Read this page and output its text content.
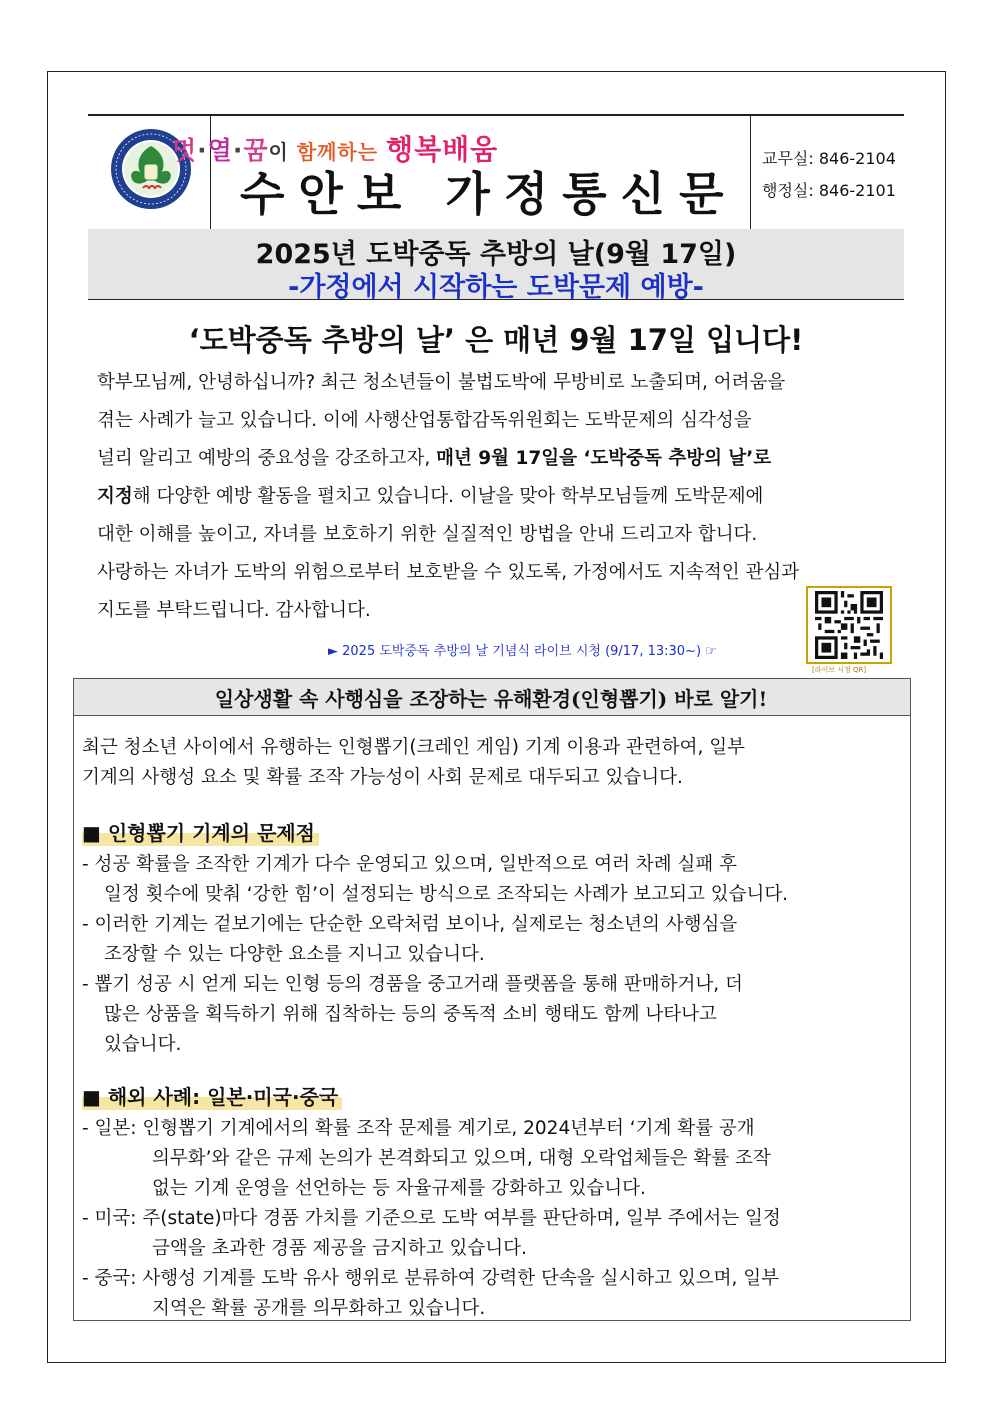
멋·열·꿈이 함께하는 행복배움
수안보 가정통신문
교무실: 846-2104
행정실: 846-2101
2025년 도박중독 추방의 날(9월 17일)
-가정에서 시작하는 도박문제 예방-
‘도박중독 추방의 날’ 은 매년 9월 17일 입니다!
학부모님께, 안녕하십니까? 최근 청소년들이 불법도박에 무방비로 노출되며, 어려움을
겪는 사례가 늘고 있습니다. 이에 사행산업통합감독위원회는 도박문제의 심각성을
널리 알리고 예방의 중요성을 강조하고자, 매년 9월 17일을 ‘도박중독 추방의 날’로
지정해 다양한 예방 활동을 펼치고 있습니다. 이날을 맞아 학부모님들께 도박문제에
대한 이해를 높이고, 자녀를 보호하기 위한 실질적인 방법을 안내 드리고자 합니다.
사랑하는 자녀가 도박의 위험으로부터 보호받을 수 있도록, 가정에서도 지속적인 관심과
지도를 부탁드립니다. 감사합니다.
► 2025 도박중독 추방의 날 기념식 라이브 시청 (9/17, 13:30~) ☞
[라이브 시청 QR]
일상생활 속 사행심을 조장하는 유해환경(인형뽑기) 바로 알기!
최근 청소년 사이에서 유행하는 인형뽑기(크레인 게임) 기계 이용과 관련하여, 일부
기계의 사행성 요소 및 확률 조작 가능성이 사회 문제로 대두되고 있습니다.
■ 인형뽑기 기계의 문제점
- 성공 확률을 조작한 기계가 다수 운영되고 있으며, 일반적으로 여러 차례 실패 후
일정 횟수에 맞춰 ‘강한 힘’이 설정되는 방식으로 조작되는 사례가 보고되고 있습니다.
- 이러한 기계는 겉보기에는 단순한 오락처럼 보이나, 실제로는 청소년의 사행심을
조장할 수 있는 다양한 요소를 지니고 있습니다.
- 뽑기 성공 시 얻게 되는 인형 등의 경품을 중고거래 플랫폼을 통해 판매하거나, 더
많은 상품을 획득하기 위해 집착하는 등의 중독적 소비 행태도 함께 나타나고
있습니다.
■ 해외 사례: 일본·미국·중국
- 일본: 인형뽑기 기계에서의 확률 조작 문제를 계기로, 2024년부터 ‘기계 확률 공개
의무화’와 같은 규제 논의가 본격화되고 있으며, 대형 오락업체들은 확률 조작
없는 기계 운영을 선언하는 등 자율규제를 강화하고 있습니다.
- 미국: 주(state)마다 경품 가치를 기준으로 도박 여부를 판단하며, 일부 주에서는 일정
금액을 초과한 경품 제공을 금지하고 있습니다.
- 중국: 사행성 기계를 도박 유사 행위로 분류하여 강력한 단속을 실시하고 있으며, 일부
지역은 확률 공개를 의무화하고 있습니다.
